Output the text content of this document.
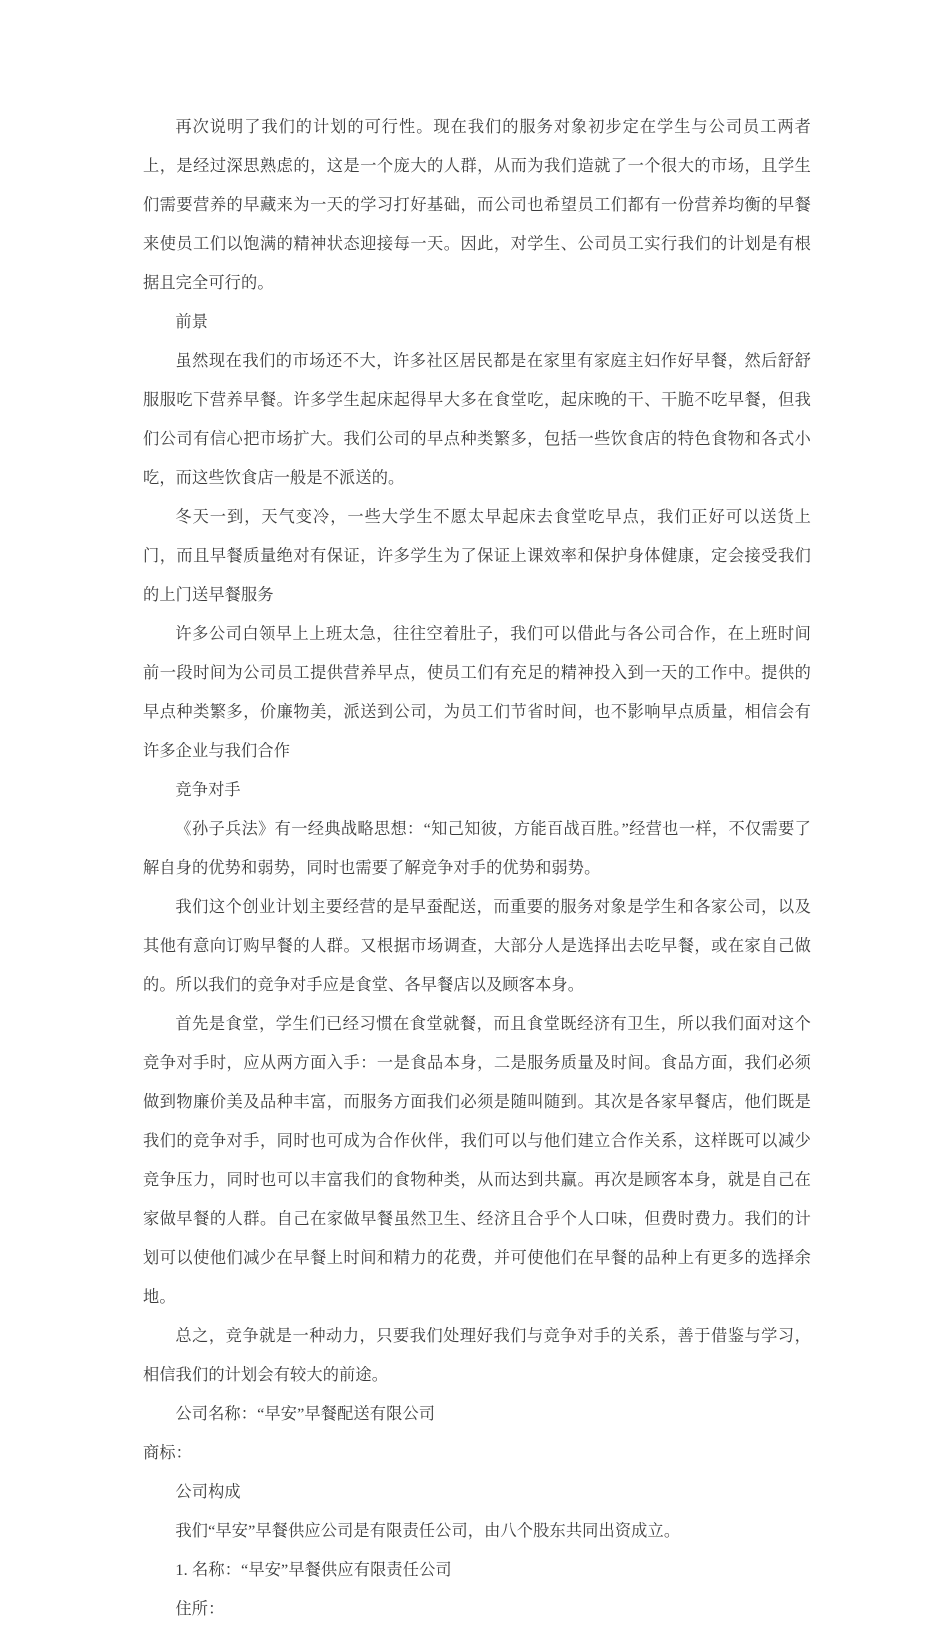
再次说明了我们的计划的可行性。现在我们的服务对象初步定在学生与公司员工两者上，是经过深思熟虑的，这是一个庞大的人群，从而为我们造就了一个很大的市场，且学生们需要营养的早藏来为一天的学习打好基础，而公司也希望员工们都有一份营养均衡的早餐来使员工们以饱满的精神状态迎接每一天。因此，对学生、公司员工实行我们的计划是有根据且完全可行的。

前景

虽然现在我们的市场还不大，许多社区居民都是在家里有家庭主妇作好早餐，然后舒舒服服吃下营养早餐。许多学生起床起得早大多在食堂吃，起床晚的干、干脆不吃早餐，但我们公司有信心把市场扩大。我们公司的早点种类繁多，包括一些饮食店的特色食物和各式小吃，而这些饮食店一般是不派送的。

冬天一到，天气变冷，一些大学生不愿太早起床去食堂吃早点，我们正好可以送货上门，而且早餐质量绝对有保证，许多学生为了保证上课效率和保护身体健康，定会接受我们的上门送早餐服务

许多公司白领早上上班太急，往往空着肚子，我们可以借此与各公司合作，在上班时间前一段时间为公司员工提供营养早点，使员工们有充足的精神投入到一天的工作中。提供的早点种类繁多，价廉物美，派送到公司，为员工们节省时间，也不影响早点质量，相信会有许多企业与我们合作

竞争对手

《孙子兵法》有一经典战略思想：“知己知彼，方能百战百胜。”经营也一样，不仅需要了解自身的优势和弱势，同时也需要了解竞争对手的优势和弱势。

我们这个创业计划主要经营的是早蚕配送，而重要的服务对象是学生和各家公司，以及其他有意向订购早餐的人群。又根据市场调查，大部分人是选择出去吃早餐，或在家自己做的。所以我们的竞争对手应是食堂、各早餐店以及顾客本身。

首先是食堂，学生们已经习惯在食堂就餐，而且食堂既经济有卫生，所以我们面对这个竞争对手时，应从两方面入手：一是食品本身，二是服务质量及时间。食品方面，我们必须做到物廉价美及品种丰富，而服务方面我们必须是随叫随到。其次是各家早餐店，他们既是我们的竞争对手，同时也可成为合作伙伴，我们可以与他们建立合作关系，这样既可以减少竞争压力，同时也可以丰富我们的食物种类，从而达到共赢。再次是顾客本身，就是自己在家做早餐的人群。自己在家做早餐虽然卫生、经济且合乎个人口味，但费时费力。我们的计划可以使他们减少在早餐上时间和精力的花费，并可使他们在早餐的品种上有更多的选择余地。

总之，竞争就是一种动力，只要我们处理好我们与竞争对手的关系，善于借鉴与学习，相信我们的计划会有较大的前途。

公司名称：“早安”早餐配送有限公司

商标：

公司构成

我们“早安”早餐供应公司是有限责任公司，由八个股东共同出资成立。

1. 名称：“早安”早餐供应有限责任公司

住所：
